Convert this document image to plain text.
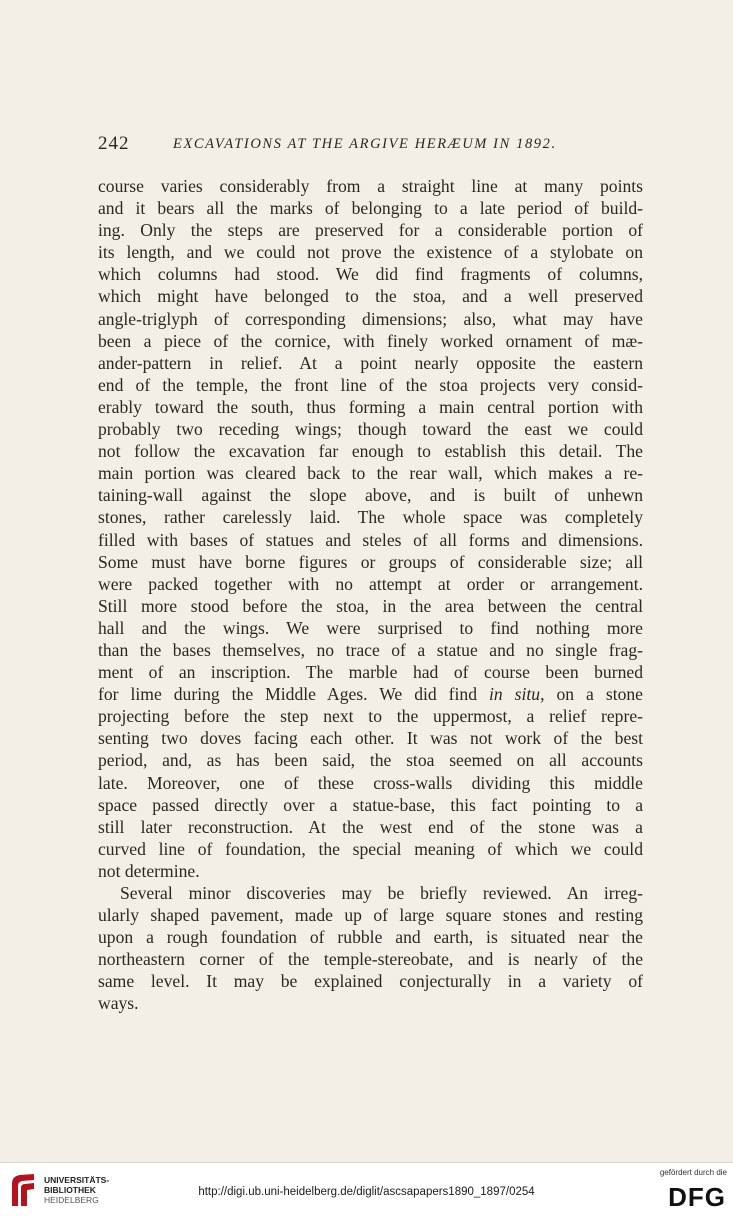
242	EXCAVATIONS AT THE ARGIVE HERÆUM IN 1892.

course varies considerably from a straight line at many points

and it bears all the marks of belonging to a late period of build-

ing. Only the steps are preserved for a considerable portion of

its length, and we could not prove the existence of a stylobate on

which columns had stood. We did find fragments of columns,

which might have belonged to the stoa, and a well preserved

angle-triglyph of corresponding dimensions; also, what may have

been a piece of the cornice, with finely worked ornament of mæ-

ander-pattern in relief. At a point nearly opposite the eastern

end of the temple, the front line of the stoa projects very consid-

erably toward the south, thus forming a main central portion with

probably two receding wings; though toward the east we could

not follow the excavation far enough to establish this detail. The

main portion was cleared back to the rear wall, which makes a re-

taining-wall against the slope above, and is built of unhewn

stones, rather carelessly laid. The whole space was completely

filled with bases of statues and steles of all forms and dimensions.

Some must have borne figures or groups of considerable size; all

were packed together with no attempt at order or arrangement.

Still more stood before the stoa, in the area between the central

hall and the wings. We were surprised to find nothing more

than the bases themselves, no trace of a statue and no single frag-

ment of an inscription. The marble had of course been burned

for lime during the Middle Ages. We did find in situ, on a stone

projecting before the step next to the uppermost, a relief repre-

senting two doves facing each other. It was not work of the best

period, and, as has been said, the stoa seemed on all accounts

late. Moreover, one of these cross-walls dividing this middle

space passed directly over a statue-base, this fact pointing to a

still later reconstruction. At the west end of the stone was a

curved line of foundation, the special meaning of which we could

not determine.

Several minor discoveries may be briefly reviewed. An irreg-

ularly shaped pavement, made up of large square stones and resting

upon a rough foundation of rubble and earth, is situated near the

northeastern corner of the temple-stereobate, and is nearly of the

same level. It may be explained conjecturally in a variety of

ways.

UNIVERSITÄTS-
BIBLIOTHEK
HEIDELBERG
http://digi.ub.uni-heidelberg.de/diglit/ascsapapers1890_1897/0254
gefördert durch die
DFG
